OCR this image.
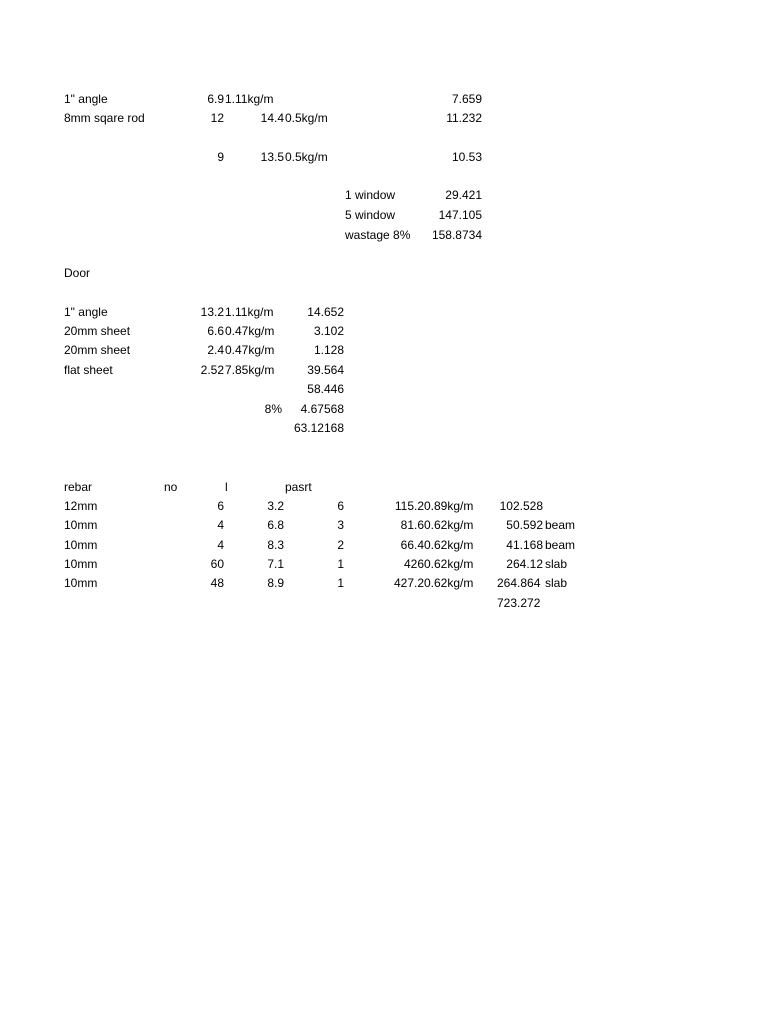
1" angle	6.9 1.11kg/m	7.659
8mm sqare rod	12	14.4 0.5kg/m	11.232
9	13.5 0.5kg/m	10.53
1 window	29.421
5 window	147.105
wastage 8%	158.8734
Door
1" angle	13.2 1.11kg/m	14.652
20mm sheet	6.6 0.47kg/m	3.102
20mm sheet	2.4 0.47kg/m	1.128
flat sheet	2.52 7.85kg/m	39.564
58.446
8%	4.67568
63.12168
rebar	no	l	pasrt
12mm	6	3.2	6	115.2 0.89kg/m	102.528
10mm	4	6.8	3	81.6 0.62kg/m	50.592 beam
10mm	4	8.3	2	66.4 0.62kg/m	41.168 beam
10mm	60	7.1	1	426 0.62kg/m	264.12 slab
10mm	48	8.9	1	427.2 0.62kg/m 264.864 slab
723.272
